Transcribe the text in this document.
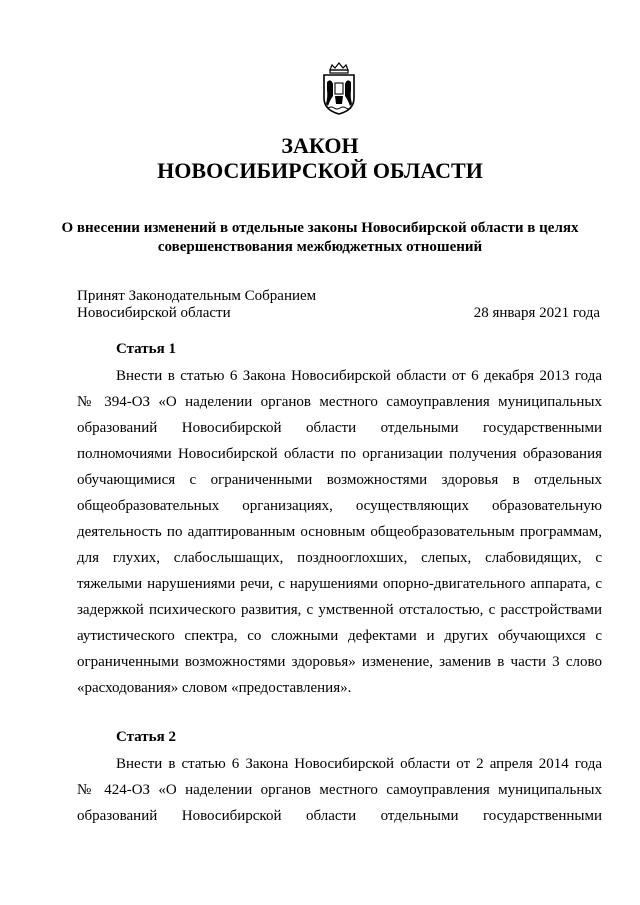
ЗАКОН
НОВОСИБИРСКОЙ ОБЛАСТИ
О внесении изменений в отдельные законы Новосибирской области в целях
совершенствования межбюджетных отношений
Принят Законодательным Собранием
Новосибирской области	28 января 2021 года
Статья 1
Внести в статью 6 Закона Новосибирской области от 6 декабря 2013 года
№ 394-ОЗ «О наделении органов местного самоуправления муниципальных
образований Новосибирской области отдельными государственными
полномочиями Новосибирской области по организации получения образования
обучающимися с ограниченными возможностями здоровья в отдельных
общеобразовательных организациях, осуществляющих образовательную
деятельность по адаптированным основным общеобразовательным программам,
для глухих, слабослышащих, позднооглохших, слепых, слабовидящих, с
тяжелыми нарушениями речи, с нарушениями опорно-двигательного аппарата, с
задержкой психического развития, с умственной отсталостью, с расстройствами
аутистического спектра, со сложными дефектами и других обучающихся с
ограниченными возможностями здоровья» изменение, заменив в части 3 слово
«расходования» словом «предоставления».
Статья 2
Внести в статью 6 Закона Новосибирской области от 2 апреля 2014 года
№ 424-ОЗ «О наделении органов местного самоуправления муниципальных
образований Новосибирской области отдельными государственными
